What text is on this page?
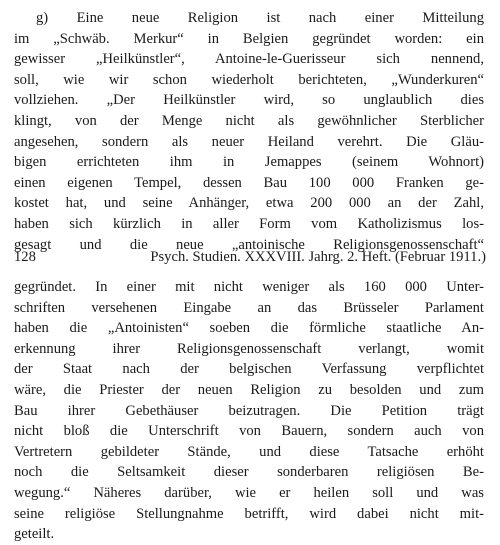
g) Eine neue Religion ist nach einer Mitteilung
im „Schwäb. Merkur“ in Belgien gegründet worden: ein
gewisser „Heilkünstler“, Antoine-le-Guerisseur sich nennend,
soll, wie wir schon wiederholt berichteten, „Wunderkuren“
vollziehen. „Der Heilkünstler wird, so unglaublich dies
klingt, von der Menge nicht als gewöhnlicher Sterblicher
angesehen, sondern als neuer Heiland verehrt. Die Gläu-
bigen errichteten ihm in Jemappes (seinem Wohnort)
einen eigenen Tempel, dessen Bau 100 000 Franken ge-
kostet hat, und seine Anhänger, etwa 200 000 an der Zahl,
haben sich kürzlich in aller Form vom Katholizismus los-
gesagt und die neue „antoinische Religionsgenossenschaft“
128	Psych. Studien. XXXVIII. Jahrg. 2. Heft. (Februar 1911.)
gegründet. In einer mit nicht weniger als 160 000 Unter-
schriften versehenen Eingabe an das Brüsseler Parlament
haben die „Antoinisten“ soeben die förmliche staatliche An-
erkennung ihrer Religionsgenossenschaft verlangt, womit
der Staat nach der belgischen Verfassung verpflichtet
wäre, die Priester der neuen Religion zu besolden und zum
Bau ihrer Gebethäuser beizutragen. Die Petition trägt
nicht bloß die Unterschrift von Bauern, sondern auch von
Vertretern gebildeter Stände, und diese Tatsache erhöht
noch die Seltsamkeit dieser sonderbaren religiösen Be-
wegung.“ Näheres darüber, wie er heilen soll und was
seine religiöse Stellungnahme betrifft, wird dabei nicht mit-
geteilt.
